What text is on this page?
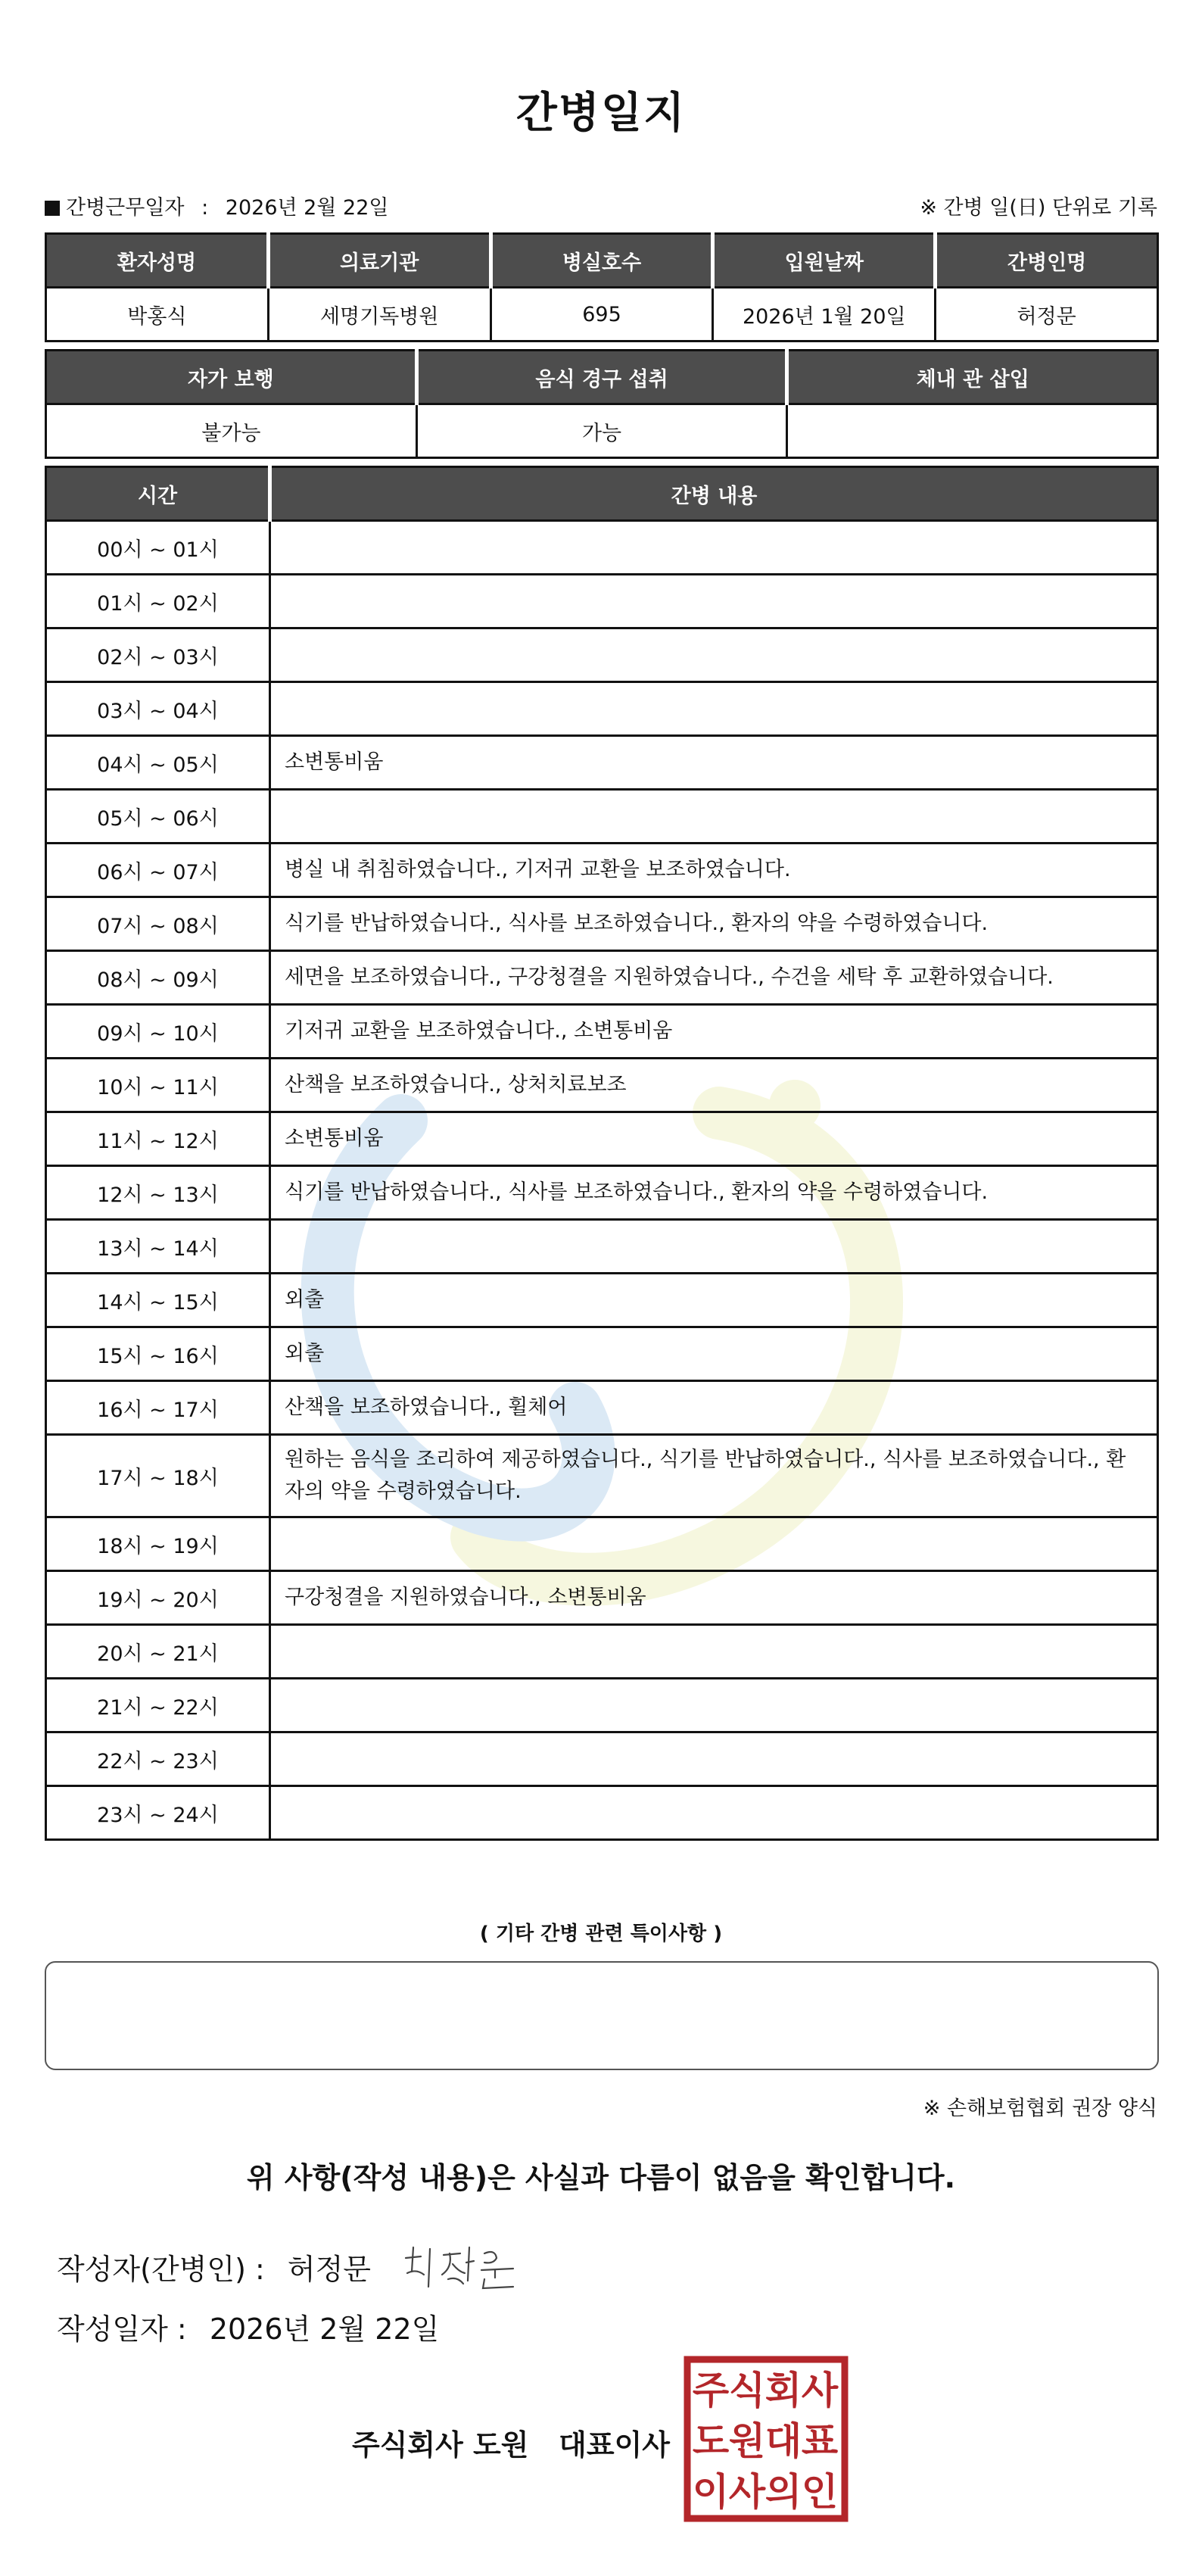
간병일지
간병근무일자 : 2026년 2월 22일	※ 간병 일(日) 단위로 기록
환자성명	의료기관	병실호수	입원날짜	간병인명
박홍식	세명기독병원	695	2026년 1월 20일	허정문
자가 보행	음식 경구 섭취	체내 관 삽입
불가능	가능	
시간	간병 내용
00시 ~ 01시	
01시 ~ 02시	
02시 ~ 03시	
03시 ~ 04시	
04시 ~ 05시	소변통비움
05시 ~ 06시	
06시 ~ 07시	병실 내 취침하였습니다., 기저귀 교환을 보조하였습니다.
07시 ~ 08시	식기를 반납하였습니다., 식사를 보조하였습니다., 환자의 약을 수령하였습니다.
08시 ~ 09시	세면을 보조하였습니다., 구강청결을 지원하였습니다., 수건을 세탁 후 교환하였습니다.
09시 ~ 10시	기저귀 교환을 보조하였습니다., 소변통비움
10시 ~ 11시	산책을 보조하였습니다., 상처치료보조
11시 ~ 12시	소변통비움
12시 ~ 13시	식기를 반납하였습니다., 식사를 보조하였습니다., 환자의 약을 수령하였습니다.
13시 ~ 14시	
14시 ~ 15시	외출
15시 ~ 16시	외출
16시 ~ 17시	산책을 보조하였습니다., 휠체어
17시 ~ 18시	원하는 음식을 조리하여 제공하였습니다., 식기를 반납하였습니다., 식사를 보조하였습니다., 환자의 약을 수령하였습니다.
18시 ~ 19시	
19시 ~ 20시	구강청결을 지원하였습니다., 소변통비움
20시 ~ 21시	
21시 ~ 22시	
22시 ~ 23시	
23시 ~ 24시	
( 기타 간병 관련 특이사항 )
※ 손해보험협회 권장 양식
위 사항(작성 내용)은 사실과 다름이 없음을 확인합니다.
작성자(간병인) : 허정문
작성일자 : 2026년 2월 22일
주식회사 도원   대표이사
주 식 회 사
도 원 대 표
이 사 의 인
